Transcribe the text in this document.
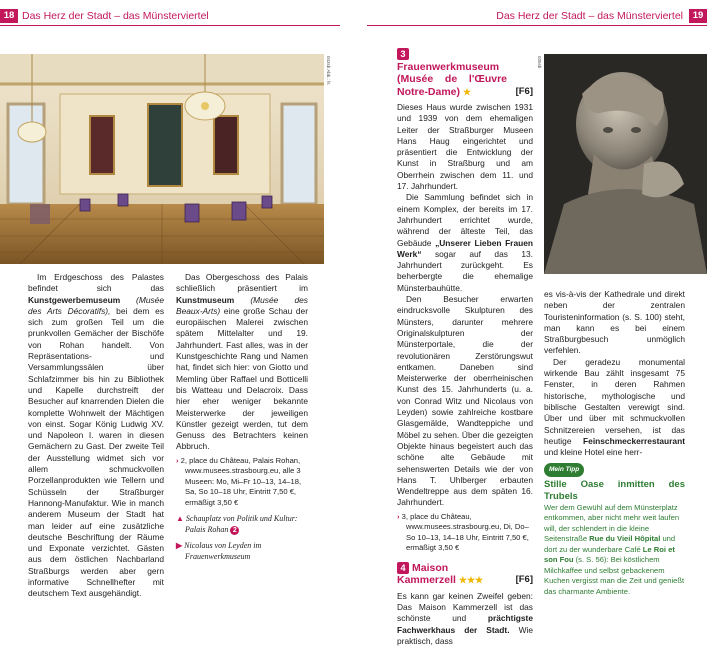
18 Das Herz der Stadt – das Münsterviertel
043sb Abb.: fs

Im Erdgeschoss des Palastes befindet sich das Kunstgewerbemuseum (Musée des Arts Décoratifs), bei dem es sich zum großen Teil um die prunkvollen Gemächer der Bischöfe von Rohan handelt. Von Repräsentations- und Versammlungssälen über Schlafzimmer bis hin zu Bibliothek und Kapelle durchstreift der Besucher auf knarrenden Dielen die komplette Wohnwelt der Mächtigen von einst. Sogar König Ludwig XV. und Napoleon I. waren in diesen Gemächern zu Gast. Der zweite Teil der Ausstellung widmet sich vor allem schmuckvollen Porzellanprodukten wie Tellern und Schüsseln der Straßburger Hannong-Manufaktur. Wie in manch anderem Museum der Stadt hat man leider auf eine zusätzliche deutsche Beschriftung der Räume und Exponate verzichtet. Gästen aus dem östlichen Nachbarland Straßburgs werden aber gern informative Schnellhefter mit deutschem Text ausgehändigt.

Das Obergeschoss des Palais schließlich präsentiert im Kunstmuseum (Musée des Beaux-Arts) eine große Schau der europäischen Malerei zwischen spätem Mittelalter und 19. Jahrhundert. Fast alles, was in der Kunstgeschichte Rang und Namen hat, findet sich hier: von Giotto und Memling über Raffael und Botticelli bis Watteau und Delacroix. Dass hier eher weniger bekannte Meisterwerke der jeweiligen Künstler gezeigt werden, tut dem Genuss des Betrachters keinen Abbruch.

› 2, place du Château, Palais Rohan, www.musees.strasbourg.eu, alle 3 Museen: Mo, Mi–Fr 10–13, 14–18, Sa, So 10–18 Uhr, Eintritt 7,50 €, ermäßigt 3,50 €
▲ Schauplatz von Politik und Kultur: Palais Rohan 2
▶ Nicolaus von Leyden im Frauenwerkmuseum
19
Das Herz der Stadt – das Münsterviertel
3Frauenwerkmuseum (Musée de l'Œuvre Notre-Dame) ★	[F6]

Dieses Haus wurde zwischen 1931 und 1939 von dem ehemaligen Leiter der Straßburger Museen Hans Haug eingerichtet und präsentiert die Entwicklung der Kunst in Straßburg und am Oberrhein zwischen dem 11. und 17. Jahrhundert.

Die Sammlung befindet sich in einem Komplex, der bereits im 17. Jahrhundert errichtet wurde, während der älteste Teil, das Gebäude „Unserer Lieben Frauen Werk“ sogar auf das 13. Jahrhundert zurückgeht. Es beherbergte die ehemalige Münsterbauhütte.

Den Besucher erwarten eindrucksvolle Skulpturen des Münsters, darunter mehrere Originalskulpturen der Münsterportale, die der revolutionären Zerstörungswut entkamen. Daneben sind Meisterwerke der oberrheinischen Kunst des 15. Jahrhunderts (u. a. von Conrad Witz und Nicolaus von Leyden) sowie zahlreiche kostbare Glasgemälde, Wandteppiche und Möbel zu sehen. Über die gezeigten Objekte hinaus begeistert auch das schöne alte Gebäude mit sehenswerten Details wie der von Hans T. Uhlberger erbauten Wendeltreppe aus dem späten 16. Jahrhundert.

› 3, place du Château, www.musees.strasbourg.eu, Di, Do–So 10–13, 14–18 Uhr, Eintritt 7,50 €, ermäßigt 3,50 €
4 Maison Kammerzell ★★★	[F6]

Es kann gar keinen Zweifel geben: Das Maison Kammerzell ist das schönste und prächtigste Fachwerkhaus der Stadt. Wie praktisch, dass

035sb

es vis-à-vis der Kathedrale und direkt neben der zentralen Touristeninformation (s. S. 100) steht, man kann es bei einem Straßburgbesuch unmöglich verfehlen.

Der geradezu monumental wirkende Bau zählt insgesamt 75 Fenster, in deren Rahmen historische, mythologische und biblische Gestalten verewigt sind. Über und über mit schmuckvollen Schnitzereien versehen, ist das heutige Feinschmeckerrestaurant und kleine Hotel eine herr-

Mein Tipp
Stille Oase inmitten des Trubels
Wer dem Gewühl auf dem Münsterplatz entkommen, aber nicht mehr weit laufen will, der schlendert in die kleine Seitenstraße Rue du Vieil Hôpital und dort zu der wunderbare Café Le Roi et son Fou (s. S. 56): Bei köstlichem Milchkaffee und selbst gebackenem Kuchen vergisst man die Zeit und genießt das charmante Ambiente.
